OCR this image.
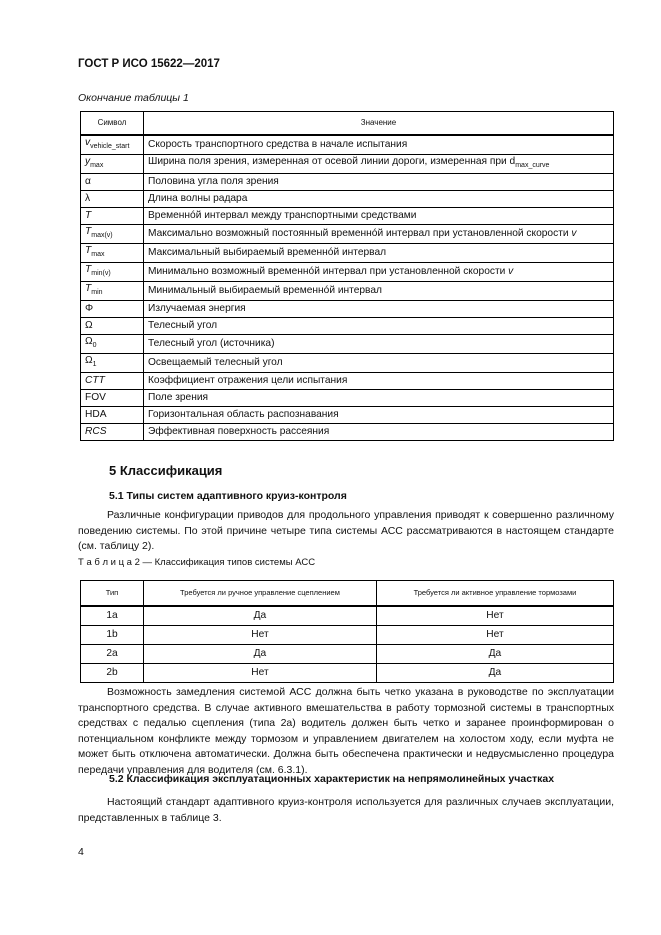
ГОСТ Р ИСО 15622—2017
Окончание таблицы 1
Символ	Значение
$v_{vehicle\_start}$	Скорость транспортного средства в начале испытания
$y_{max}$	Ширина поля зрения, измеренная от осевой линии дороги, измеренная при $d_{max\_curve}$
α	Половина угла поля зрения
λ	Длина волны радара
T	Временнóй интервал между транспортными средствами
$T_{max(v)}$	Максимально возможный постоянный временнóй интервал при установленной скорости v
$T_{max}$	Максимальный выбираемый временнóй интервал
$T_{min(v)}$	Минимально возможный временнóй интервал при установленной скорости v
$T_{min}$	Минимальный выбираемый временнóй интервал
Φ	Излучаемая энергия
Ω	Телесный угол
$\Omega_0$	Телесный угол (источника)
$\Omega_1$	Освещаемый телесный угол
CTT	Коэффициент отражения цели испытания
FOV	Поле зрения
HDA	Горизонтальная область распознавания
RCS	Эффективная поверхность рассеяния
5 Классификация
5.1 Типы систем адаптивного круиз-контроля

Различные конфигурации приводов для продольного управления приводят к совершенно различному поведению системы. По этой причине четыре типа системы АСС рассматриваются в настоящем стандарте (см. таблицу 2).

Т а б л и ц а 2 — Классификация типов системы АСС
Тип	Требуется ли ручное управление сцеплением	Требуется ли активное управление тормозами
1a	Да	Нет
1b	Нет	Нет
2a	Да	Да
2b	Нет	Да

Возможность замедления системой АСС должна быть четко указана в руководстве по эксплуатации транспортного средства. В случае активного вмешательства в работу тормозной системы в транспортных средствах с педалью сцепления (типа 2а) водитель должен быть четко и заранее проинформирован о потенциальном конфликте между тормозом и управлением двигателем на холостом ходу, если муфта не может быть отключена автоматически. Должна быть обеспечена практически и недвусмысленно процедура передачи управления для водителя (см. 6.3.1).

5.2 Классификация эксплуатационных характеристик на непрямолинейных участках

Настоящий стандарт адаптивного круиз-контроля используется для различных случаев эксплуатации, представленных в таблице 3.

4
